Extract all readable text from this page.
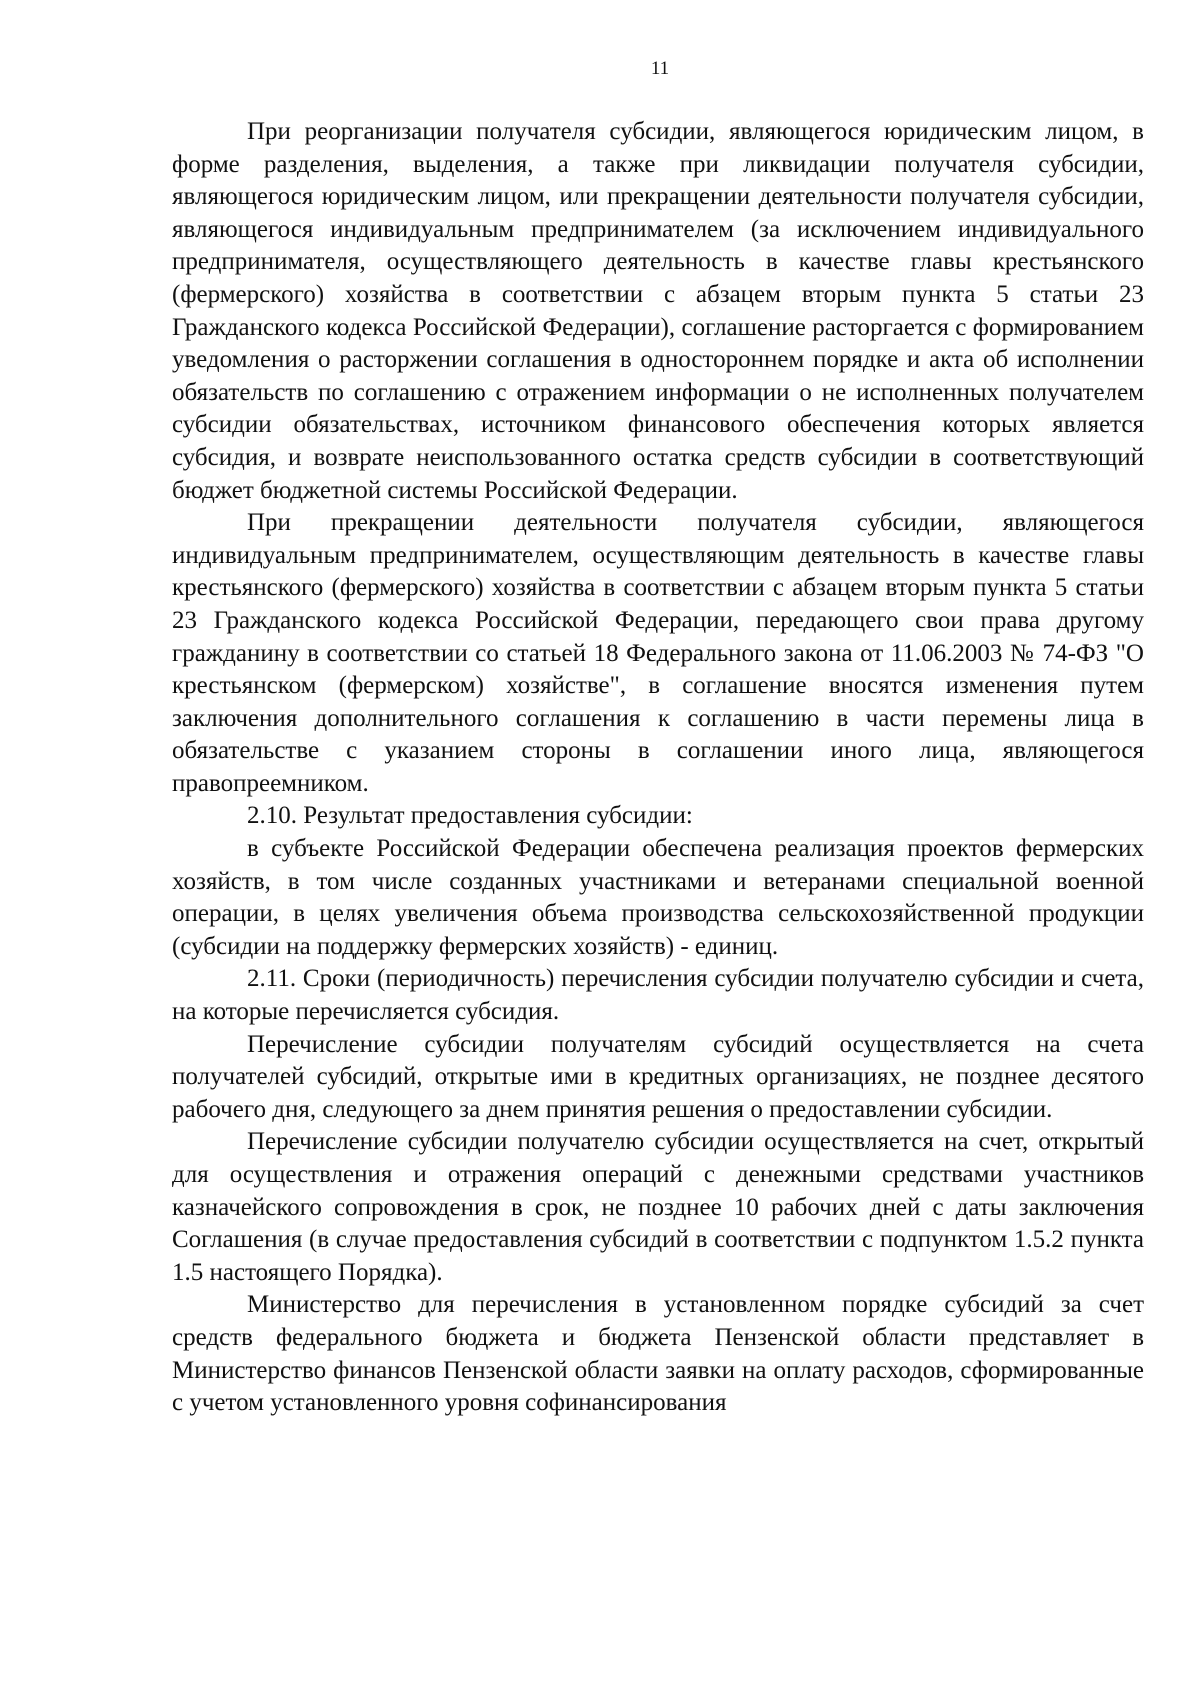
11

При реорганизации получателя субсидии, являющегося юридическим лицом, в форме разделения, выделения, а также при ликвидации получателя субсидии, являющегося юридическим лицом, или прекращении деятельности получателя субсидии, являющегося индивидуальным предпринимателем (за исключением индивидуального предпринимателя, осуществляющего деятельность в качестве главы крестьянского (фермерского) хозяйства в соответствии с абзацем вторым пункта 5 статьи 23 Гражданского кодекса Российской Федерации), соглашение расторгается с формированием уведомления о расторжении соглашения в одностороннем порядке и акта об исполнении обязательств по соглашению с отражением информации о не исполненных получателем субсидии обязательствах, источником финансового обеспечения которых является субсидия, и возврате неиспользованного остатка средств субсидии в соответствующий бюджет бюджетной системы Российской Федерации.

При прекращении деятельности получателя субсидии, являющегося индивидуальным предпринимателем, осуществляющим деятельность в качестве главы крестьянского (фермерского) хозяйства в соответствии с абзацем вторым пункта 5 статьи 23 Гражданского кодекса Российской Федерации, передающего свои права другому гражданину в соответствии со статьей 18 Федерального закона от 11.06.2003 № 74-ФЗ "О крестьянском (фермерском) хозяйстве", в соглашение вносятся изменения путем заключения дополнительного соглашения к соглашению в части перемены лица в обязательстве с указанием стороны в соглашении иного лица, являющегося правопреемником.

2.10. Результат предоставления субсидии:

в субъекте Российской Федерации обеспечена реализация проектов фермерских хозяйств, в том числе созданных участниками и ветеранами специальной военной операции, в целях увеличения объема производства сельскохозяйственной продукции (субсидии на поддержку фермерских хозяйств) - единиц.

2.11. Сроки (периодичность) перечисления субсидии получателю субсидии и счета, на которые перечисляется субсидия.

Перечисление субсидии получателям субсидий осуществляется на счета получателей субсидий, открытые ими в кредитных организациях, не позднее десятого рабочего дня, следующего за днем принятия решения о предоставлении субсидии.

Перечисление субсидии получателю субсидии осуществляется на счет, открытый для осуществления и отражения операций с денежными средствами участников казначейского сопровождения в срок, не позднее 10 рабочих дней с даты заключения Соглашения (в случае предоставления субсидий в соответствии с подпунктом 1.5.2 пункта 1.5 настоящего Порядка).

Министерство для перечисления в установленном порядке субсидий за счет средств федерального бюджета и бюджета Пензенской области представляет в Министерство финансов Пензенской области заявки на оплату расходов, сформированные с учетом установленного уровня софинансирования
